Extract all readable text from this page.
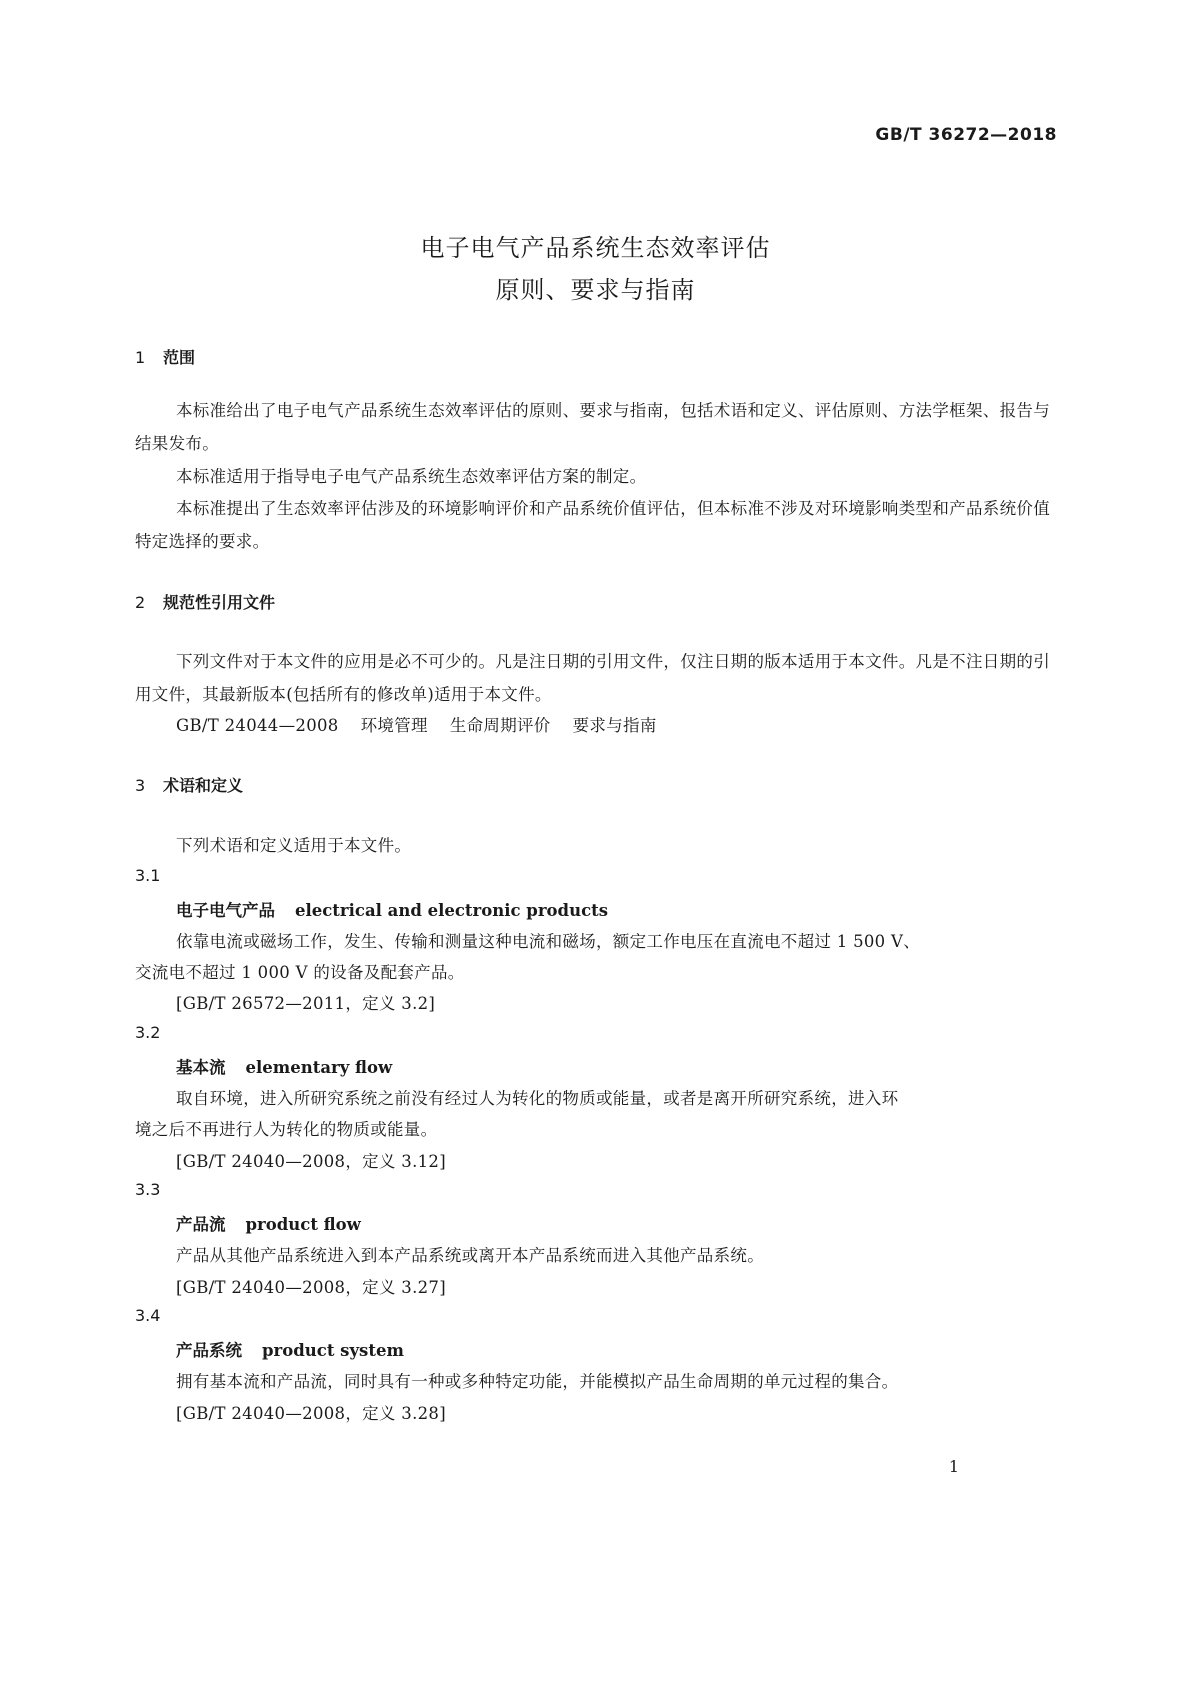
GB/T 36272—2018
电子电气产品系统生态效率评估
原则、要求与指南
1 范围
本标准给出了电子电气产品系统生态效率评估的原则、要求与指南，包括术语和定义、评估原则、方法学框架、报告与结果发布。
本标准适用于指导电子电气产品系统生态效率评估方案的制定。
本标准提出了生态效率评估涉及的环境影响评价和产品系统价值评估，但本标准不涉及对环境影响类型和产品系统价值特定选择的要求。
2 规范性引用文件
下列文件对于本文件的应用是必不可少的。凡是注日期的引用文件，仅注日期的版本适用于本文件。凡是不注日期的引用文件，其最新版本(包括所有的修改单)适用于本文件。
GB/T 24044—2008 环境管理 生命周期评价 要求与指南
3 术语和定义
下列术语和定义适用于本文件。
3.1
电子电气产品 electrical and electronic products
依靠电流或磁场工作，发生、传输和测量这种电流和磁场，额定工作电压在直流电不超过 1 500 V、
交流电不超过 1 000 V 的设备及配套产品。
[GB/T 26572—2011，定义 3.2]
3.2
基本流 elementary flow
取自环境，进入所研究系统之前没有经过人为转化的物质或能量，或者是离开所研究系统，进入环
境之后不再进行人为转化的物质或能量。
[GB/T 24040—2008，定义 3.12]
3.3
产品流 product flow
产品从其他产品系统进入到本产品系统或离开本产品系统而进入其他产品系统。
[GB/T 24040—2008，定义 3.27]
3.4
产品系统 product system
拥有基本流和产品流，同时具有一种或多种特定功能，并能模拟产品生命周期的单元过程的集合。
[GB/T 24040—2008，定义 3.28]
1
